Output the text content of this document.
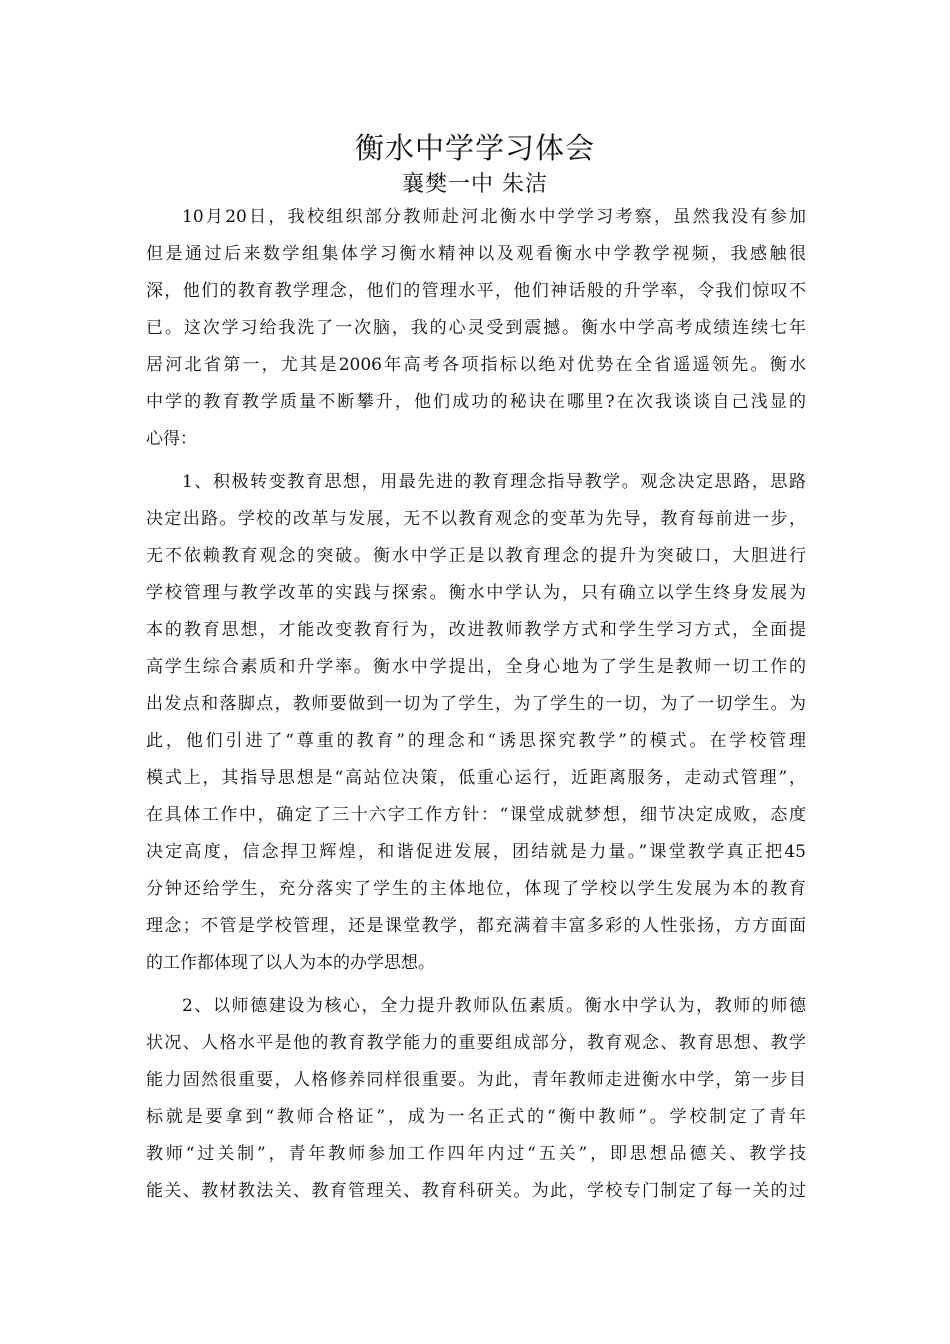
衡水中学学习体会
襄樊一中 朱洁
10月20日，我校组织部分教师赴河北衡水中学学习考察，虽然我没有参加
但是通过后来数学组集体学习衡水精神以及观看衡水中学教学视频，我感触很
深，他们的教育教学理念，他们的管理水平，他们神话般的升学率，令我们惊叹不
已。这次学习给我洗了一次脑，我的心灵受到震撼。衡水中学高考成绩连续七年
居河北省第一，尤其是2006年高考各项指标以绝对优势在全省遥遥领先。衡水
中学的教育教学质量不断攀升，他们成功的秘诀在哪里?在次我谈谈自己浅显的
心得：
1、积极转变教育思想，用最先进的教育理念指导教学。观念决定思路，思路
决定出路。学校的改革与发展，无不以教育观念的变革为先导，教育每前进一步，
无不依赖教育观念的突破。衡水中学正是以教育理念的提升为突破口，大胆进行
学校管理与教学改革的实践与探索。衡水中学认为，只有确立以学生终身发展为
本的教育思想，才能改变教育行为，改进教师教学方式和学生学习方式，全面提
高学生综合素质和升学率。衡水中学提出，全身心地为了学生是教师一切工作的
出发点和落脚点，教师要做到一切为了学生，为了学生的一切，为了一切学生。为
此，他们引进了“尊重的教育”的理念和“诱思探究教学”的模式。在学校管理
模式上，其指导思想是“高站位决策，低重心运行，近距离服务，走动式管理”，
在具体工作中，确定了三十六字工作方针：“课堂成就梦想，细节决定成败，态度
决定高度，信念捍卫辉煌，和谐促进发展，团结就是力量。”课堂教学真正把45
分钟还给学生，充分落实了学生的主体地位，体现了学校以学生发展为本的教育
理念；不管是学校管理，还是课堂教学，都充满着丰富多彩的人性张扬，方方面面
的工作都体现了以人为本的办学思想。
2、以师德建设为核心，全力提升教师队伍素质。衡水中学认为，教师的师德
状况、人格水平是他的教育教学能力的重要组成部分，教育观念、教育思想、教学
能力固然很重要，人格修养同样很重要。为此，青年教师走进衡水中学，第一步目
标就是要拿到“教师合格证”，成为一名正式的“衡中教师”。学校制定了青年
教师“过关制”，青年教师参加工作四年内过“五关”，即思想品德关、教学技
能关、教材教法关、教育管理关、教育科研关。为此，学校专门制定了每一关的过
